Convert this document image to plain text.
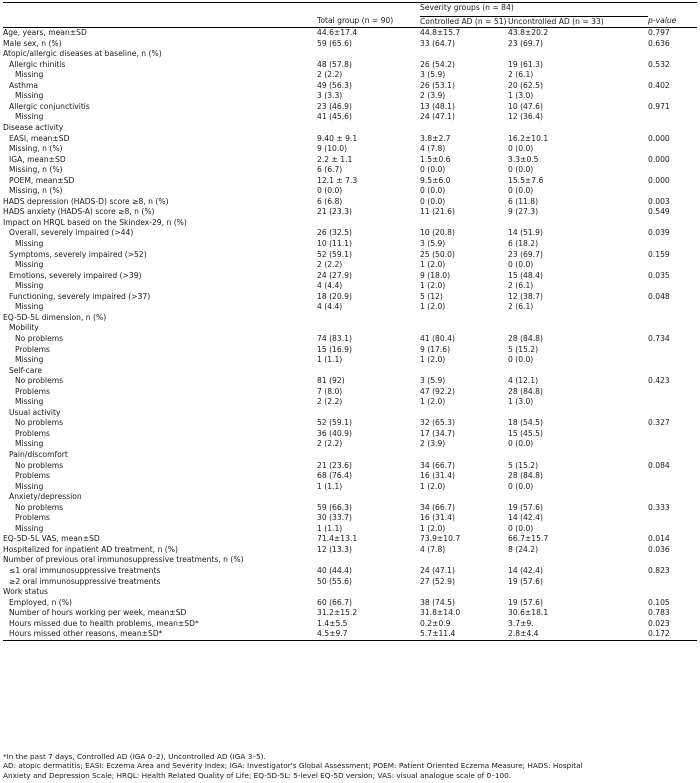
		Severity groups (n = 84)		
	Total group (n = 90)	Controlled AD (n = 51)	Uncontrolled AD (n = 33)	p-value
Age, years, mean±SD	44.6±17.4	44.8±15.7	43.8±20.2	0.797
Male sex, n (%)	59 (65.6)	33 (64.7)	23 (69.7)	0.636
Atopic/allergic diseases at baseline, n (%)				
Allergic rhinitis	48 (57.8)	26 (54.2)	19 (61.3)	0.532
Missing	2 (2.2)	3 (5.9)	2 (6.1)	
Asthma	49 (56.3)	26 (53.1)	20 (62.5)	0.402
Missing	3 (3.3)	2 (3.9)	1 (3.0)	
Allergic conjunctivitis	23 (46.9)	13 (48.1)	10 (47.6)	0.971
Missing	41 (45.6)	24 (47.1)	12 (36.4)	
Disease activity				
EASI, mean±SD	9.40 ± 9.1	3.8±2.7	16.2±10.1	0.000
Missing, n (%)	9 (10.0)	4 (7.8)	0 (0.0)	
IGA, mean±SD	2.2 ± 1.1	1.5±0.6	3.3±0.5	0.000
Missing, n (%)	6 (6.7)	0 (0.0)	0 (0.0)	
POEM, mean±SD	12.1 ± 7.3	9.5±6.0	15.5±7.6	0.000
Missing, n (%)	0 (0.0)	0 (0.0)	0 (0.0)	
HADS depression (HADS-D) score ≥8, n (%)	6 (6.8)	0 (0.0)	6 (11.8)	0.003
HADS anxiety (HADS-A) score ≥8, n (%)	21 (23.3)	11 (21.6)	9 (27.3)	0.549
Impact on HRQL based on the Skindex-29, n (%)				
Overall, severely impaired (>44)	26 (32.5)	10 (20.8)	14 (51.9)	0.039
Missing	10 (11.1)	3 (5.9)	6 (18.2)	
Symptoms, severely impaired (>52)	52 (59.1)	25 (50.0)	23 (69.7)	0.159
Missing	2 (2.2)	1 (2.0)	0 (0.0)	
Emotions, severely impaired (>39)	24 (27.9)	9 (18.0)	15 (48.4)	0.035
Missing	4 (4.4)	1 (2.0)	2 (6.1)	
Functioning, severely impaired (>37)	18 (20.9)	5 (12)	12 (38.7)	0.048
Missing	4 (4.4)	1 (2.0)	2 (6.1)	
EQ-5D-5L dimension, n (%)				
Mobility				
No problems	74 (83.1)	41 (80.4)	28 (84.8)	0.734
Problems	15 (16.9)	9 (17.6)	5 (15.2)	
Missing	1 (1.1)	1 (2.0)	0 (0.0)	
Self-care				
No problems	81 (92)	3 (5.9)	4 (12.1)	0.423
Problems	7 (8.0)	47 (92.2)	28 (84.8)	
Missing	2 (2.2)	1 (2.0)	1 (3.0)	
Usual activity				
No problems	52 (59.1)	32 (65.3)	18 (54.5)	0.327
Problems	36 (40.9)	17 (34.7)	15 (45.5)	
Missing	2 (2.2)	2 (3.9)	0 (0.0)	
Pain/discomfort				
No problems	21 (23.6)	34 (66.7)	5 (15.2)	0.084
Problems	68 (76.4)	16 (31.4)	28 (84.8)	
Missing	1 (1.1)	1 (2.0)	0 (0.0)	
Anxiety/depression				
No problems	59 (66.3)	34 (66.7)	19 (57.6)	0.333
Problems	30 (33.7)	16 (31.4)	14 (42.4)	
Missing	1 (1.1)	1 (2.0)	0 (0.0)	
EQ-5D-5L VAS, mean±SD	71.4±13.1	73.9±10.7	66.7±15.7	0.014
Hospitalized for inpatient AD treatment, n (%)	12 (13.3)	4 (7.8)	8 (24.2)	0.036
Number of previous oral immunosuppressive treatments, n (%)				
≤1 oral immunosuppressive treatments	40 (44.4)	24 (47.1)	14 (42.4)	0.823
≥2 oral immunosuppressive treatments	50 (55.6)	27 (52.9)	19 (57.6)	
Work status				
Employed, n (%)	60 (66.7)	38 (74.5)	19 (57.6)	0.105
Number of hours working per week, mean±SD	31.2±15.2	31.8±14.0	30.6±18.1	0.783
Hours missed due to health problems, mean±SD*	1.4±5.5	0.2±0.9	3.7±9.	0.023
Hours missed other reasons, mean±SD*	4.5±9.7	5.7±11.4	2.8±4.4	0.172
*In the past 7 days, Controlled AD (IGA 0–2), Uncontrolled AD (IGA 3–5).
AD: atopic dermatitis; EASI: Eczema Area and Severity Index; IGA: Investigator's Global Assessment; POEM: Patient Oriented Eczema Measure; HADS: Hospital
Anxiety and Depression Scale; HRQL: Health Related Quality of Life; EQ-5D-5L: 5-level EQ-5D version; VAS: visual analogue scale of 0–100.
